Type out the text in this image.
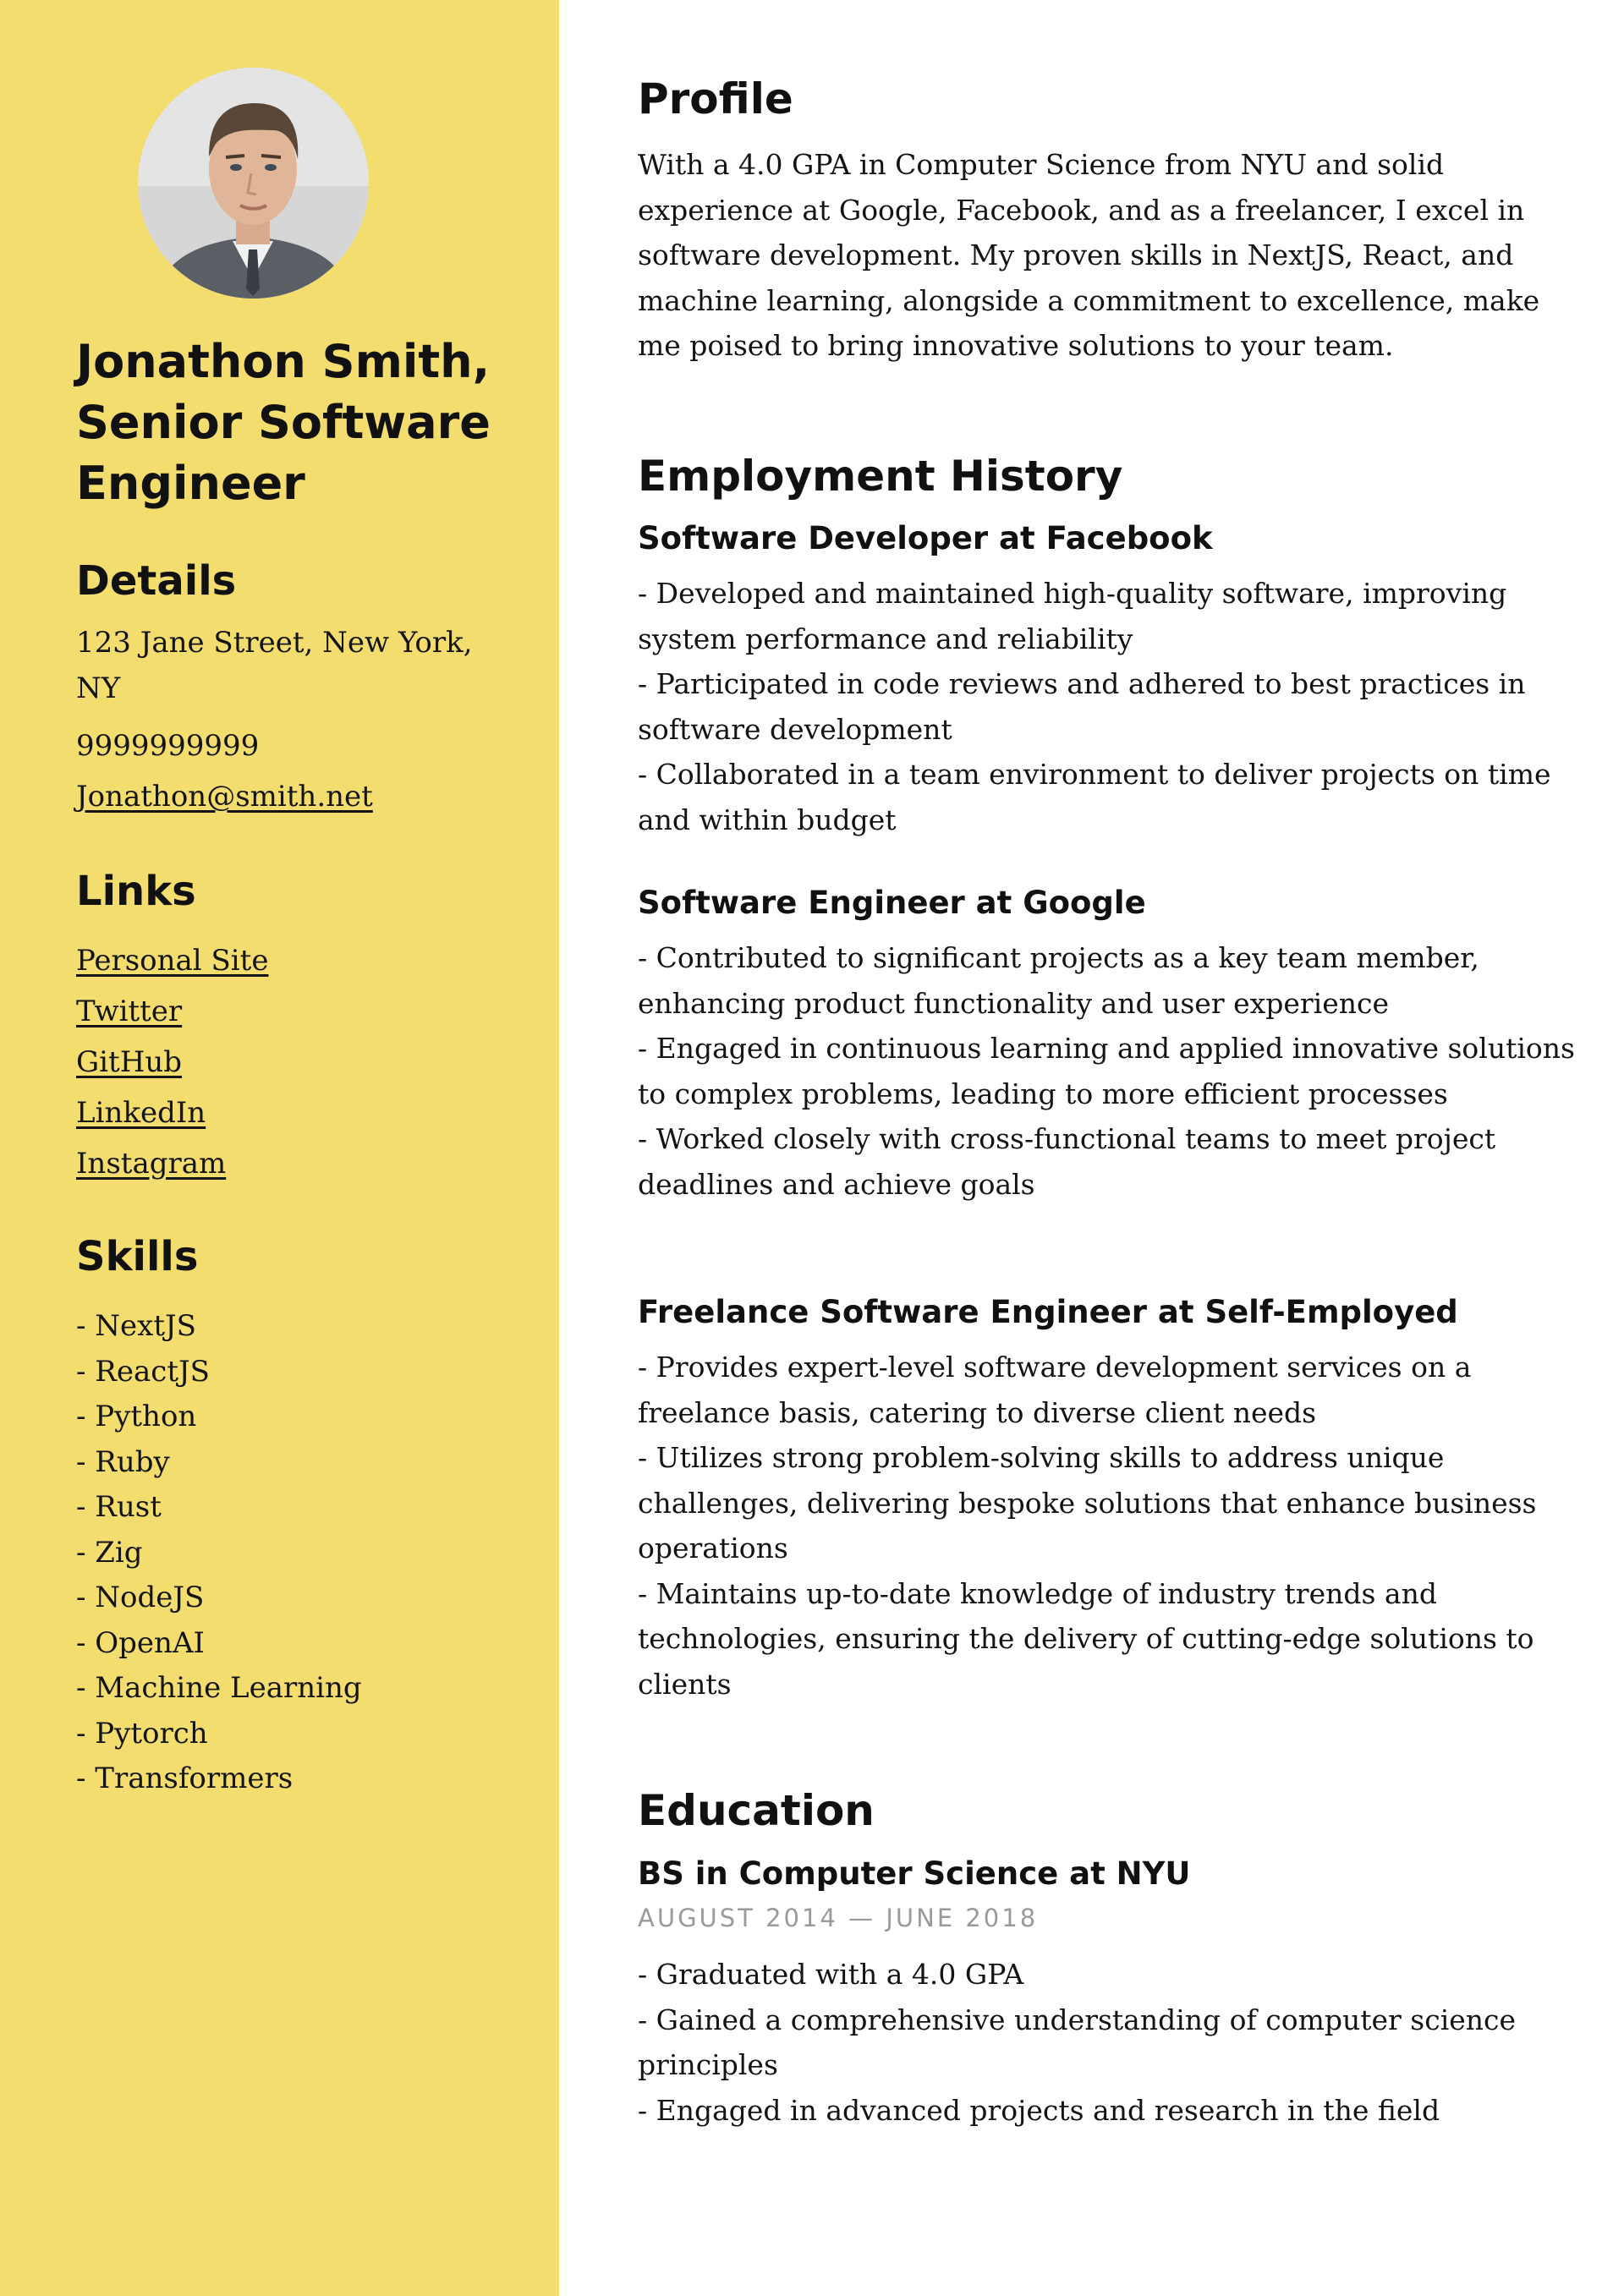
Jonathon Smith, Senior Software Engineer
Details
123 Jane Street, New York, NY
9999999999
Jonathon@smith.net
Links
Personal Site
Twitter
GitHub
LinkedIn
Instagram
Skills
- NextJS
- ReactJS
- Python
- Ruby
- Rust
- Zig
- NodeJS
- OpenAI
- Machine Learning
- Pytorch
- Transformers
Profile
With a 4.0 GPA in Computer Science from NYU and solid experience at Google, Facebook, and as a freelancer, I excel in software development. My proven skills in NextJS, React, and machine learning, alongside a commitment to excellence, make me poised to bring innovative solutions to your team.
Employment History
Software Developer at Facebook
- Developed and maintained high-quality software, improving system performance and reliability
- Participated in code reviews and adhered to best practices in software development
- Collaborated in a team environment to deliver projects on time and within budget
Software Engineer at Google
- Contributed to significant projects as a key team member, enhancing product functionality and user experience
- Engaged in continuous learning and applied innovative solutions to complex problems, leading to more efficient processes
- Worked closely with cross-functional teams to meet project deadlines and achieve goals
Freelance Software Engineer at Self-Employed
- Provides expert-level software development services on a freelance basis, catering to diverse client needs
- Utilizes strong problem-solving skills to address unique challenges, delivering bespoke solutions that enhance business operations
- Maintains up-to-date knowledge of industry trends and technologies, ensuring the delivery of cutting-edge solutions to clients
Education
BS in Computer Science at NYU
AUGUST 2014 — JUNE 2018
- Graduated with a 4.0 GPA
- Gained a comprehensive understanding of computer science principles
- Engaged in advanced projects and research in the field
